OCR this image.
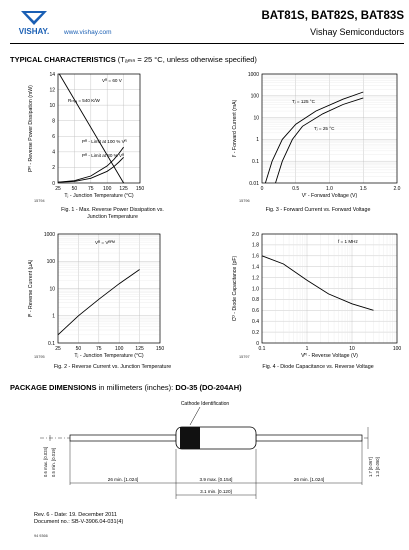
VISHAY. www.vishay.com
BAT81S, BAT82S, BAT83S
Vishay Semiconductors
TYPICAL CHARACTERISTICS (Tₐₘₙ = 25 °C, unless otherwise specified)
25 50 75 100 125 150
0
2
4
6
8
10
12
14
Tⱼ - Junction Temperature (°C)
Pᴿ - Reverse Power Dissipation (mW)
Vᴿ = 60 V
Rₜₕⱼₐ = 540 K/W
Pᴿ - Limit at 100 % Vᴿ
Pᴿ - Limit at 80 % Vᴿ
0	0.5	1.0	1.5	2.0
0.01
0.1
1
10
100
1000
Vᶠ - Forward Voltage (V)
Iᶠ - Forward Current (mA)	Tⱼ = 125 °C
Tⱼ = 25 °C
25	50	75	100 125 150
0.1
1
10
100
1000
Tⱼ - Junction Temperature (°C)
Iᴿ - Reverse Current (µA)
Vᴿ = Vᴿᴾᴹ
0.1	1	10	100
0
0.2
0.4
0.6
0.8
1.0
1.2
1.4
1.6
1.8
2.0
Vᴿ - Reverse Voltage (V)
Cᴰ - Diode Capacitance (pF)
f = 1 MHz
15794
Fig. 1 - Max. Reverse Power Dissipation vs.
Junction Temperature
15796
Fig. 3 - Forward Current vs. Forward Voltage
15795
Fig. 2 - Reverse Current vs. Junction Temperature
15797
Fig. 4 - Diode Capacitance vs. Reverse Voltage
PACKAGE DIMENSIONS in millimeters (inches): DO-35 (DO-204AH)
Cathode Identification
26 min. [1.024]	3.9 max. [0.154]	26 min. [1.024]
3.1 min. [0.120]
0.6 max. [0.024] 0.5 min. [0.019]	1.7 [0.067] 1.3 [0.050]
Rev. 6 - Date: 19. December 2011
Document no.: SB-V-3906.04-031(4)
94 9366
